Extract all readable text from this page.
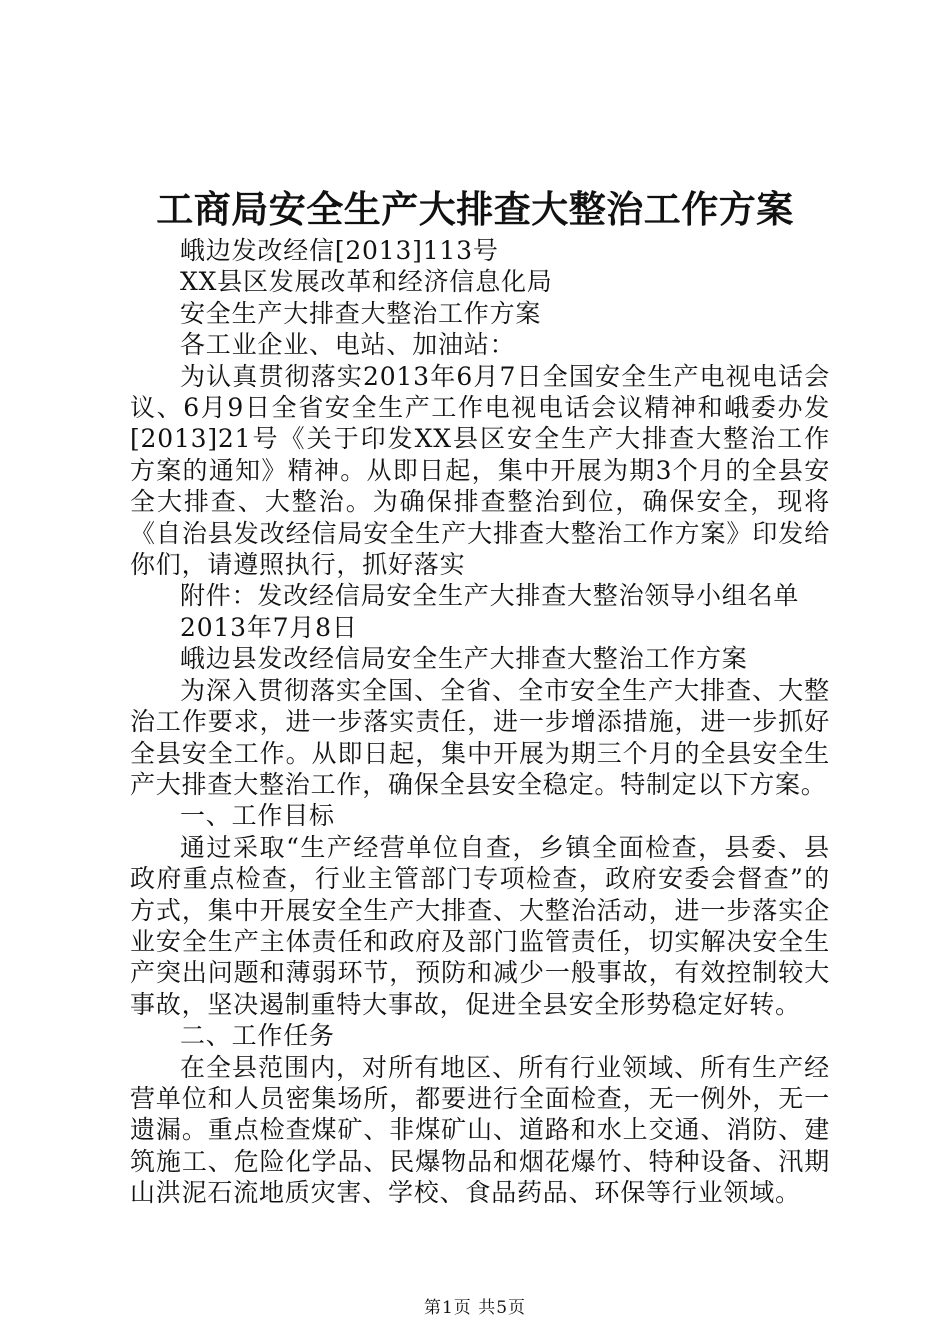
工商局安全生产大排查大整治工作方案

峨边发改经信[2013]113号

XX县区发展改革和经济信息化局

安全生产大排查大整治工作方案

各工业企业、电站、加油站：

为认真贯彻落实2013年6月7日全国安全生产电视电话会议、6月9日全省安全生产工作电视电话会议精神和峨委办发[2013]21号《关于印发XX县区安全生产大排查大整治工作方案的通知》精神。从即日起，集中开展为期3个月的全县安全大排查、大整治。为确保排查整治到位，确保安全，现将《自治县发改经信局安全生产大排查大整治工作方案》印发给你们，请遵照执行，抓好落实

附件：发改经信局安全生产大排查大整治领导小组名单

2013年7月8日

峨边县发改经信局安全生产大排查大整治工作方案

为深入贯彻落实全国、全省、全市安全生产大排查、大整治工作要求，进一步落实责任，进一步增添措施，进一步抓好全县安全工作。从即日起，集中开展为期三个月的全县安全生产大排查大整治工作，确保全县安全稳定。特制定以下方案。

一、工作目标

通过采取“生产经营单位自查，乡镇全面检查，县委、县政府重点检查，行业主管部门专项检查，政府安委会督查”的方式，集中开展安全生产大排查、大整治活动，进一步落实企业安全生产主体责任和政府及部门监管责任，切实解决安全生产突出问题和薄弱环节，预防和减少一般事故，有效控制较大事故，坚决遏制重特大事故，促进全县安全形势稳定好转。

二、工作任务

在全县范围内，对所有地区、所有行业领域、所有生产经营单位和人员密集场所，都要进行全面检查，无一例外，无一遗漏。重点检查煤矿、非煤矿山、道路和水上交通、消防、建筑施工、危险化学品、民爆物品和烟花爆竹、特种设备、汛期山洪泥石流地质灾害、学校、食品药品、环保等行业领域。

第1页 共5页
